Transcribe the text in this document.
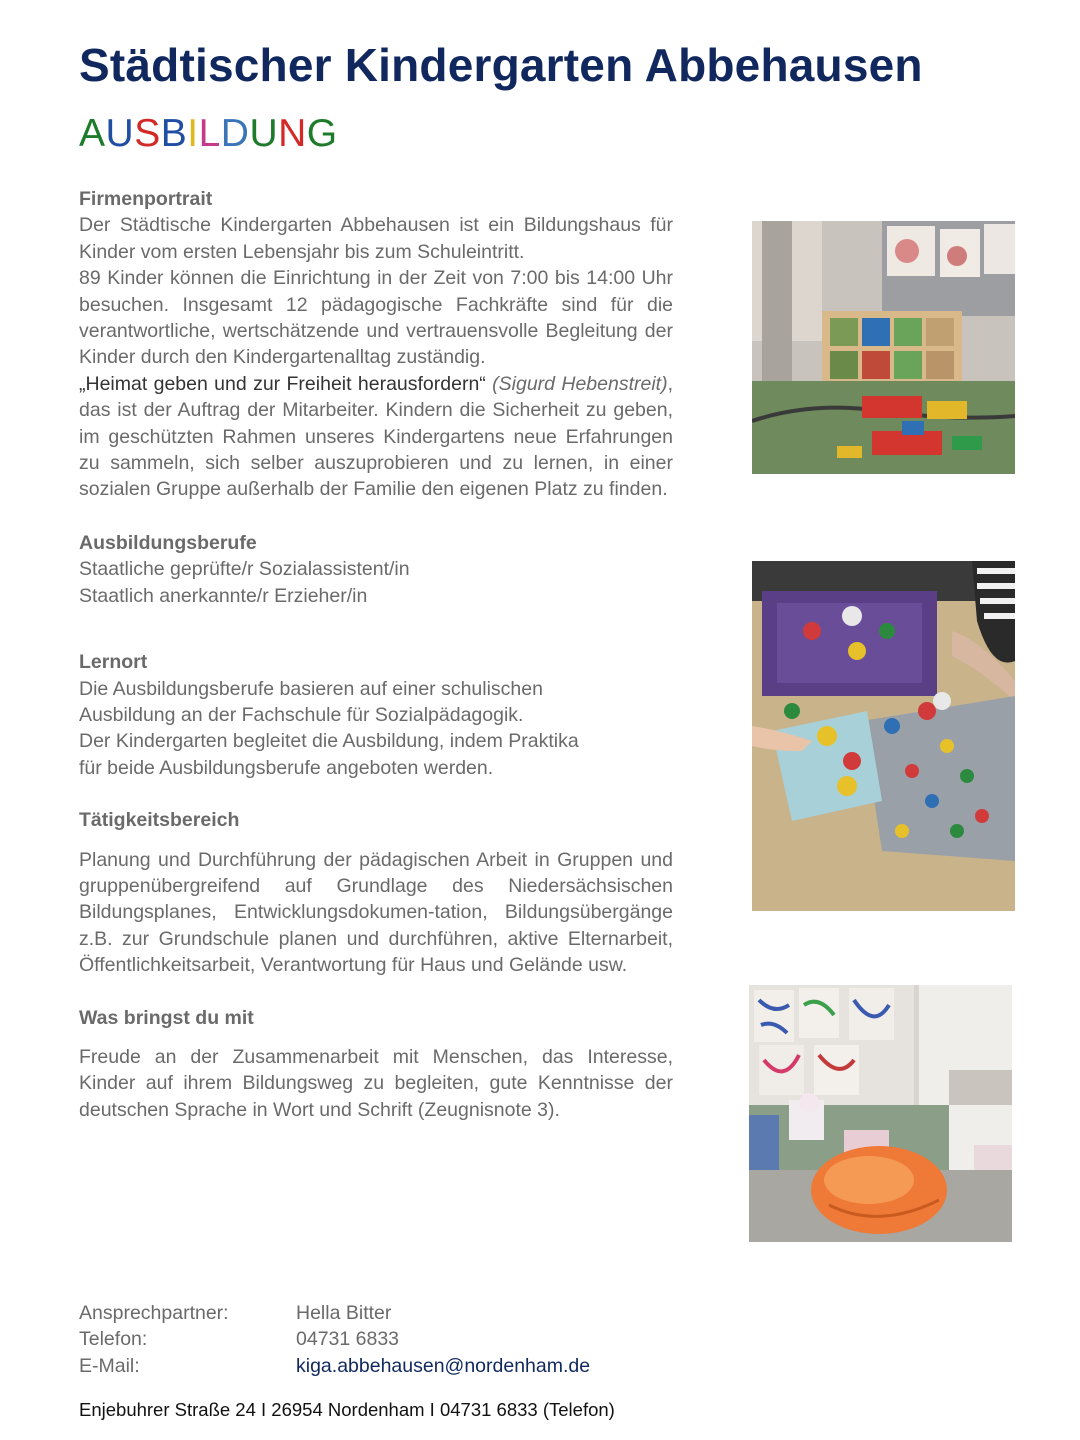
Städtischer Kindergarten Abbehausen
AUSBILDUNG
Firmenportrait
Der Städtische Kindergarten Abbehausen ist ein Bildungshaus für Kinder vom ersten Lebensjahr bis zum Schuleintritt.
89 Kinder können die Einrichtung in der Zeit von 7:00 bis 14:00 Uhr besuchen. Insgesamt 12 pädagogische Fachkräfte sind für die verantwortliche, wertschätzende und vertrauensvolle Begleitung der Kinder durch den Kindergartenalltag zuständig.
„Heimat geben und zur Freiheit herausfordern“ (Sigurd Hebenstreit), das ist der Auftrag der Mitarbeiter. Kindern die Sicherheit zu geben, im geschützten Rahmen unseres Kindergartens neue Erfahrungen zu sammeln, sich selber auszuprobieren und zu lernen, in einer sozialen Gruppe außerhalb der Familie den eigenen Platz zu finden.
Ausbildungsberufe
Staatliche geprüfte/r Sozialassistent/in
Staatlich anerkannte/r Erzieher/in
Lernort
Die Ausbildungsberufe basieren auf einer schulischen
Ausbildung an der Fachschule für Sozialpädagogik.
Der Kindergarten begleitet die Ausbildung, indem Praktika
für beide Ausbildungsberufe angeboten werden.
Tätigkeitsbereich
Planung und Durchführung der pädagischen Arbeit in Gruppen und gruppenübergreifend auf Grundlage des Niedersächsischen Bildungsplanes, Entwicklungsdokumen-tation, Bildungsübergänge z.B. zur Grundschule planen und durchführen, aktive Elternarbeit, Öffentlichkeitsarbeit, Verantwortung für Haus und Gelände usw.
Was bringst du mit
Freude an der Zusammenarbeit mit Menschen, das Interesse, Kinder auf ihrem Bildungsweg zu begleiten, gute Kenntnisse der deutschen Sprache in Wort und Schrift (Zeugnisnote 3).
Ansprechpartner:	Hella Bitter
Telefon:	04731 6833
E-Mail:	kiga.abbehausen@nordenham.de
Enjebuhrer Straße 24 I 26954 Nordenham I 04731 6833 (Telefon)
